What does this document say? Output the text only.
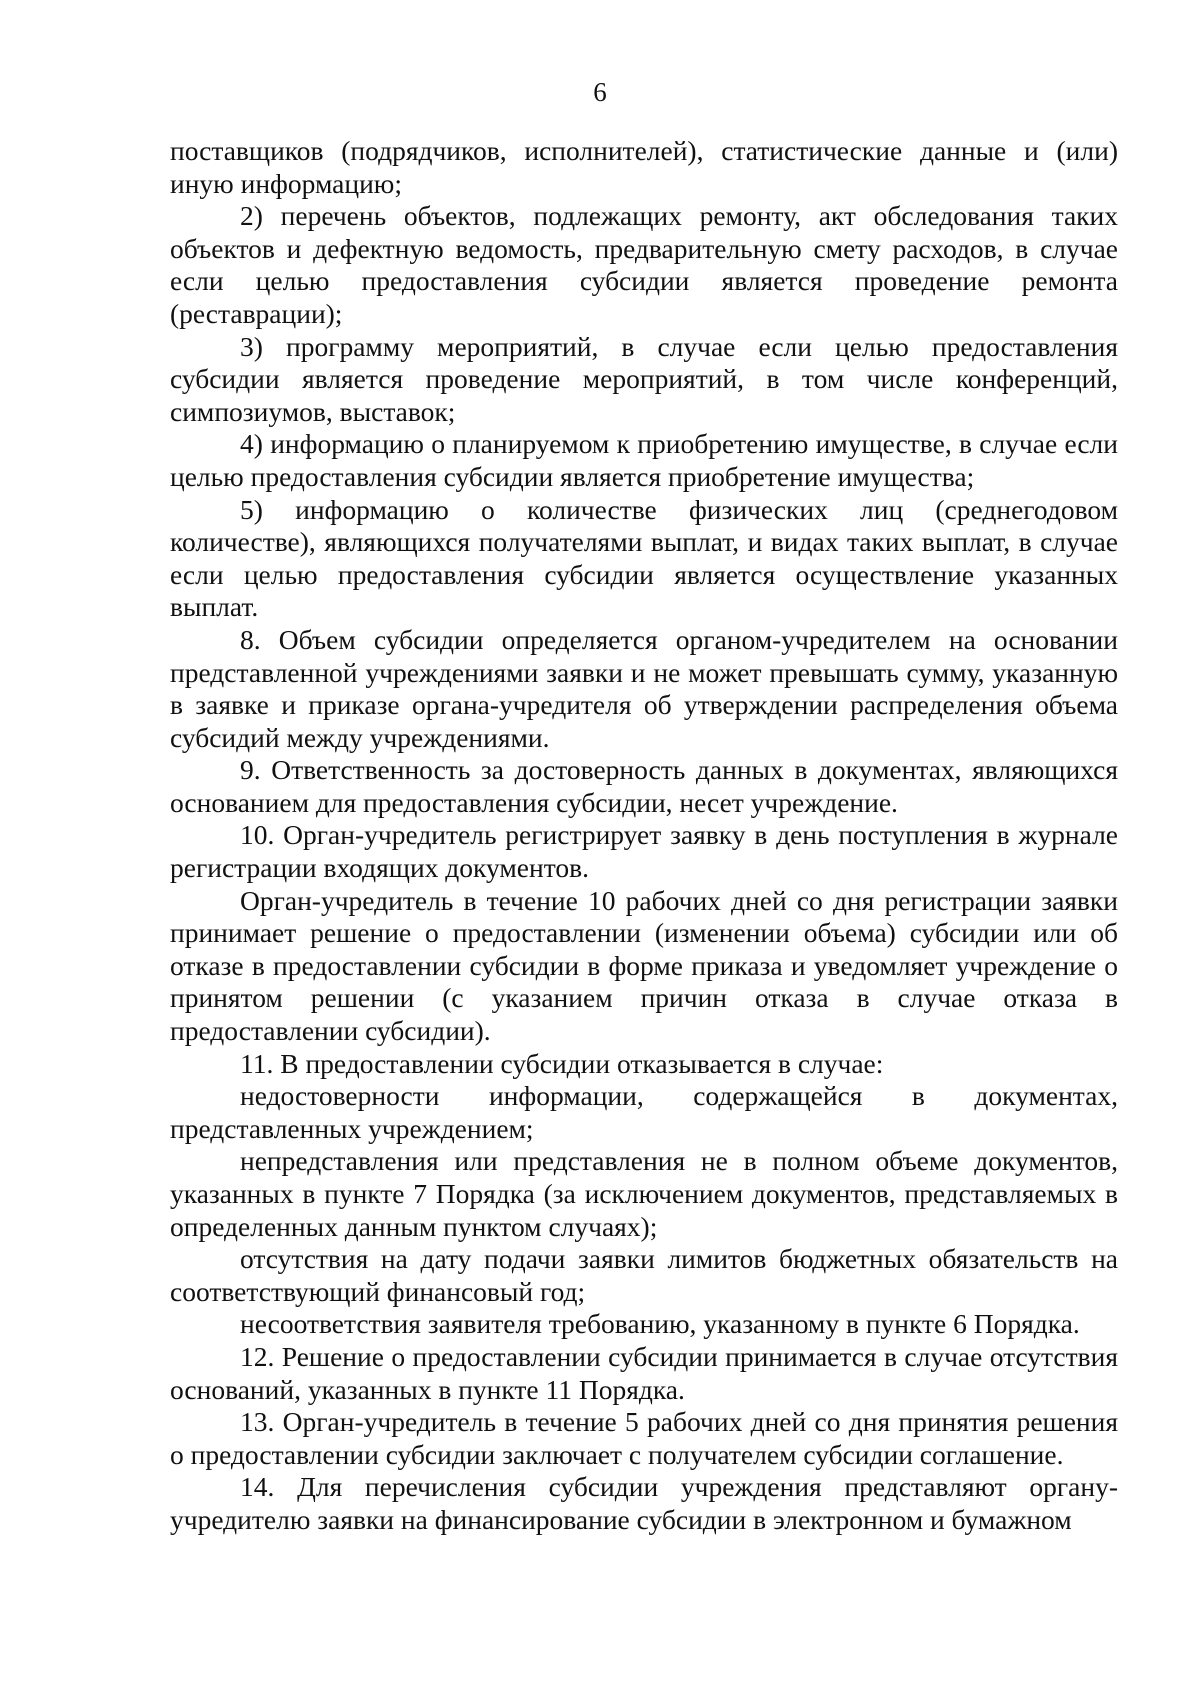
6

поставщиков (подрядчиков, исполнителей), статистические данные и (или) иную информацию;

2) перечень объектов, подлежащих ремонту, акт обследования таких объектов и дефектную ведомость, предварительную смету расходов, в случае если целью предоставления субсидии является проведение ремонта (реставрации);

3) программу мероприятий, в случае если целью предоставления субсидии является проведение мероприятий, в том числе конференций, симпозиумов, выставок;

4) информацию о планируемом к приобретению имуществе, в случае если целью предоставления субсидии является приобретение имущества;

5) информацию о количестве физических лиц (среднегодовом количестве), являющихся получателями выплат, и видах таких выплат, в случае если целью предоставления субсидии является осуществление указанных выплат.

8. Объем субсидии определяется органом-учредителем на основании представленной учреждениями заявки и не может превышать сумму, указанную в заявке и приказе органа-учредителя об утверждении распределения объема субсидий между учреждениями.

9. Ответственность за достоверность данных в документах, являющихся основанием для предоставления субсидии, несет учреждение.

10. Орган-учредитель регистрирует заявку в день поступления в журнале регистрации входящих документов.

Орган-учредитель в течение 10 рабочих дней со дня регистрации заявки принимает решение о предоставлении (изменении объема) субсидии или об отказе в предоставлении субсидии в форме приказа и уведомляет учреждение о принятом решении (с указанием причин отказа в случае отказа в предоставлении субсидии).

11. В предоставлении субсидии отказывается в случае:

недостоверности информации, содержащейся в документах, представленных учреждением;

непредставления или представления не в полном объеме документов, указанных в пункте 7 Порядка (за исключением документов, представляемых в определенных данным пунктом случаях);

отсутствия на дату подачи заявки лимитов бюджетных обязательств на соответствующий финансовый год;

несоответствия заявителя требованию, указанному в пункте 6 Порядка.

12. Решение о предоставлении субсидии принимается в случае отсутствия оснований, указанных в пункте 11 Порядка.

13. Орган-учредитель в течение 5 рабочих дней со дня принятия решения о предоставлении субсидии заключает с получателем субсидии соглашение.

14. Для перечисления субсидии учреждения представляют органу-учредителю заявки на финансирование субсидии в электронном и бумажном
